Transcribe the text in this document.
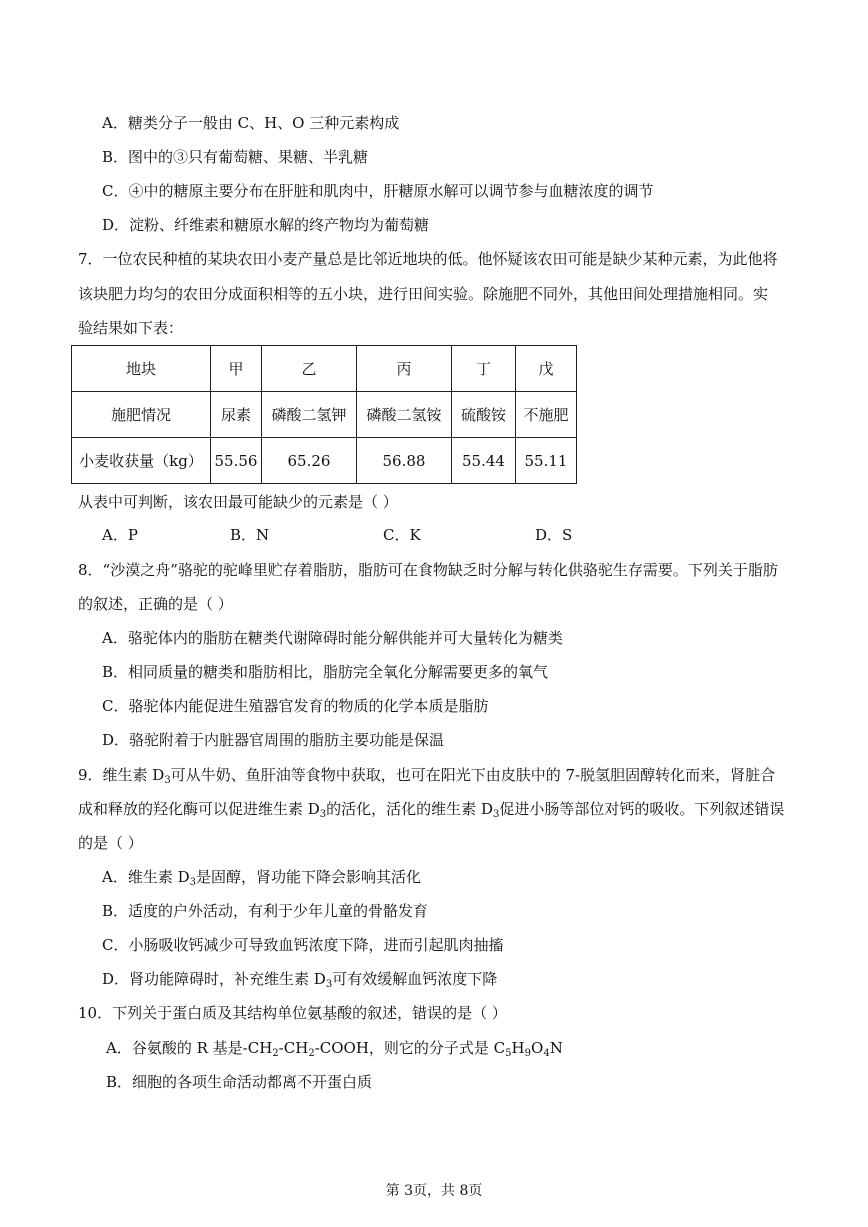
A．糖类分子一般由 C、H、O 三种元素构成
B．图中的③只有葡萄糖、果糖、半乳糖
C．④中的糖原主要分布在肝脏和肌肉中，肝糖原水解可以调节参与血糖浓度的调节
D．淀粉、纤维素和糖原水解的终产物均为葡萄糖
7．一位农民种植的某块农田小麦产量总是比邻近地块的低。他怀疑该农田可能是缺少某种元素，为此他将
该块肥力均匀的农田分成面积相等的五小块，进行田间实验。除施肥不同外，其他田间处理措施相同。实
验结果如下表：
地块	甲	乙	丙	丁	戊
施肥情况	尿素	磷酸二氢钾	磷酸二氢铵	硫酸铵	不施肥
小麦收获量（kg）	55.56	65.26	56.88	55.44	55.11
从表中可判断，该农田最可能缺少的元素是（ ）
A．P	B．N	C．K	D．S
8．“沙漠之舟”骆驼的驼峰里贮存着脂肪，脂肪可在食物缺乏时分解与转化供骆驼生存需要。下列关于脂肪
的叙述，正确的是（ ）
A．骆驼体内的脂肪在糖类代谢障碍时能分解供能并可大量转化为糖类
B．相同质量的糖类和脂肪相比，脂肪完全氧化分解需要更多的氧气
C．骆驼体内能促进生殖器官发育的物质的化学本质是脂肪
D．骆驼附着于内脏器官周围的脂肪主要功能是保温
9．维生素 $D_3$可从牛奶、鱼肝油等食物中获取，也可在阳光下由皮肤中的 7-脱氢胆固醇转化而来，肾脏合
成和释放的羟化酶可以促进维生素 $D_3$的活化，活化的维生素 $D_3$促进小肠等部位对钙的吸收。下列叙述错误
的是（ ）
A．维生素 $D_3$是固醇，肾功能下降会影响其活化
B．适度的户外活动，有利于少年儿童的骨骼发育
C．小肠吸收钙减少可导致血钙浓度下降，进而引起肌肉抽搐
D．肾功能障碍时，补充维生素 $D_3$可有效缓解血钙浓度下降
10．下列关于蛋白质及其结构单位氨基酸的叙述，错误的是（ ）
A．谷氨酸的 R 基是$-CH_2-CH_2$-COOH，则它的分子式是 $C_5H_9O_4N$
B．细胞的各项生命活动都离不开蛋白质
第 3页，共 8页
